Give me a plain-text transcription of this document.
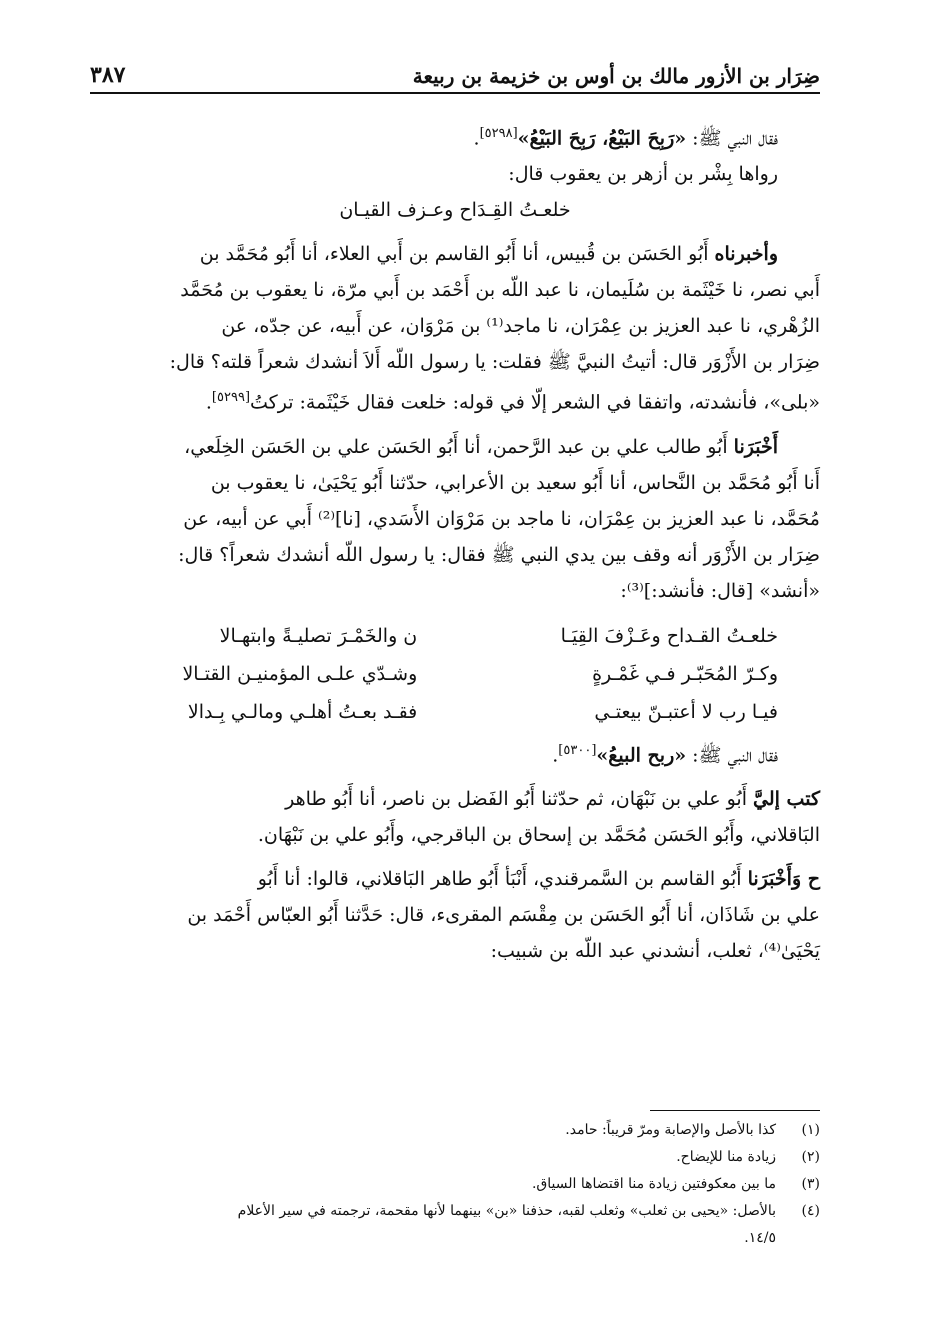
ضِرَار بن الأزور مالك بن أوس بن خزيمة بن ربيعة
٣٨٧
فقال النبي ﷺ: «رَبِحَ البَيْعُ، رَبِحَ البَيْعُ»[٥٢٩٨].
رواها بِشْر بن أزهر بن يعقوب قال:
خلعـتُ القِـدَاح وعـزف القيـان
وأخبرناه أَبُو الحَسَن بن قُبيس، أنا أَبُو القاسم بن أَبي العلاء، أنا أَبُو مُحَمَّد بن
أَبي نصر، نا خَيْثَمة بن سُلَيمان، نا عبد اللّه بن أَحْمَد بن أَبي مرّة، نا يعقوب بن مُحَمَّد
الزُهْري، نا عبد العزيز بن عِمْرَان، نا ماجد⁽¹⁾ بن مَرْوَان، عن أَبيه، عن جدّه، عن
ضِرَار بن الأَزْوَر قال: أتيتُ النبيَّ ﷺ فقلت: يا رسول اللّه أَلاَ أنشدك شعراً قلته؟ قال:
«بلى»، فأنشدته، واتفقا في الشعر إلّا في قوله: خلعت فقال خَيْثَمة: تركتُ[٥٢٩٩].
أَخْبَرَنا أَبُو طالب علي بن عبد الرَّحمن، أنا أَبُو الحَسَن علي بن الحَسَن الخِلَعي،
أَنا أَبُو مُحَمَّد بن النَّحاس، أنا أَبُو سعيد بن الأعرابي، حدّثنا أَبُو يَحْيَىٰ، نا يعقوب بن
مُحَمَّد، نا عبد العزيز بن عِمْرَان، نا ماجد بن مَرْوَان الأَسَدي، [نا]⁽²⁾ أَبي عن أبيه، عن
ضِرَار بن الأَزْوَر أنه وقف بين يدي النبي ﷺ فقال: يا رسول اللّه أنشدك شعراً؟ قال:
«أنشد» [قال: فأنشد:]⁽³⁾:
خلعـتُ القـداح وعَـزْفَ القِيَـا
ن والخَمْـرَ تصليـةً وابتهـالا
وكـرّ المُحَبّـر فـي غَمْـرةٍ
وشـدّي علـى المؤمنيـن القتـالا
فيـا رب لا أعتبـنّ بيعتـي
فقـد بعـتُ أهلـي ومالـي بِـدالا
فقال النبي ﷺ: «ربح البيعُ»[٥٣٠٠].
كتب إليَّ أَبُو علي بن نَبْهَان، ثم حدّثنا أَبُو الفَضل بن ناصر، أنا أَبُو طاهر
البَاقلاني، وأَبُو الحَسَن مُحَمَّد بن إسحاق بن الباقرجي، وأَبُو علي بن نَبْهَان.
ح وَأَخْبَرَنا أَبُو القاسم بن السَّمرقندي، أَنْبَأ أَبُو طاهر البَاقلاني، قالوا: أنا أَبُو
علي بن شَاذَان، أنا أَبُو الحَسَن بن مِقْسَم المقرىء، قال: حَدَّثنا أَبُو العبّاس أَحْمَد بن
يَحْيَىٰ⁽⁴⁾، ثعلب، أنشدني عبد اللّه بن شبيب:
(١)
كذا بالأصل والإصابة ومرّ قريباً: حامد.
(٢)
زيادة منا للإيضاح.
(٣)
ما بين معكوفتين زيادة منا اقتضاها السياق.
(٤)
بالأصل: «يحيى بن ثعلب» وثعلب لقبه، حذفنا «بن» بينهما لأنها مقحمة، ترجمته في سير الأعلام
١٤/٥.
